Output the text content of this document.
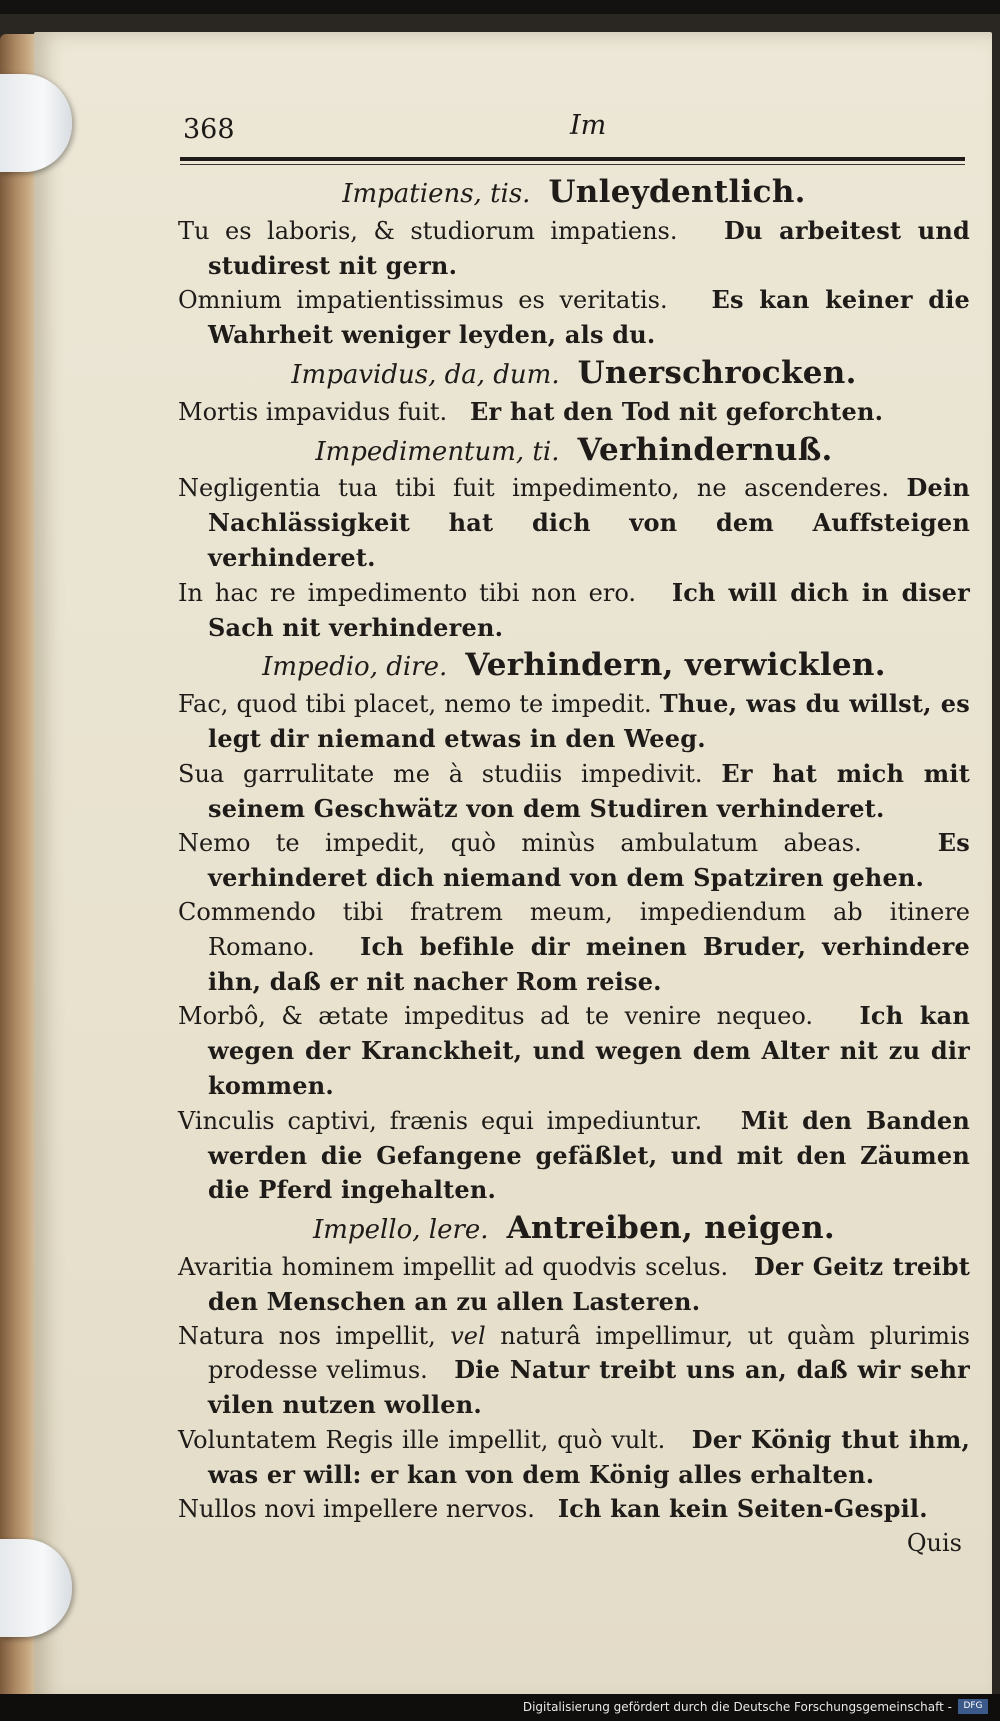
368	Im
Impatiens, tis. Unleydentlich.
Tu es laboris, & studiorum impatiens. Du arbeitest und studirest nit gern.
Omnium impatientissimus es veritatis. Es kan keiner die Wahrheit weniger leyden, als du.
Impavidus, da, dum. Unerschrocken.
Mortis impavidus fuit. Er hat den Tod nit geforchten.
Impedimentum, ti. Verhindernuß.
Negligentia tua tibi fuit impedimento, ne ascenderes. Dein Nachlässigkeit hat dich von dem Auffsteigen verhinderet.
In hac re impedimento tibi non ero. Ich will dich in diser Sach nit verhinderen.
Impedio, dire. Verhindern, verwicklen.
Fac, quod tibi placet, nemo te impedit. Thue, was du willst, es legt dir niemand etwas in den Weeg.
Sua garrulitate me à studiis impedivit. Er hat mich mit seinem Geschwätz von dem Studiren verhinderet.
Nemo te impedit, quò minùs ambulatum abeas.	Es verhinderet dich niemand von dem Spatziren gehen.
Commendo tibi fratrem meum, impediendum ab itinere Romano. Ich befihle dir meinen Bruder, verhindere ihn, daß er nit nacher Rom reise.
Morbô, & ætate impeditus ad te venire nequeo. Ich kan wegen der Kranckheit, und wegen dem Alter nit zu dir kommen.
Vinculis captivi, frænis equi impediuntur. Mit den Banden werden die Gefangene gefäßlet, und mit den Zäumen die Pferd ingehalten.
Impello, lere. Antreiben, neigen.
Avaritia hominem impellit ad quodvis scelus. Der Geitz treibt den Menschen an zu allen Lasteren.
Natura nos impellit, vel naturâ impellimur, ut quàm plurimis prodesse velimus. Die Natur treibt uns an, daß wir sehr vilen nutzen wollen.
Voluntatem Regis ille impellit, quò vult. Der König thut ihm, was er will: er kan von dem König alles erhalten.
Nullos novi impellere nervos. Ich kan kein Seiten-Gespil.
Quis
Digitalisierung gefördert durch die Deutsche Forschungsgemeinschaft -	DFG
